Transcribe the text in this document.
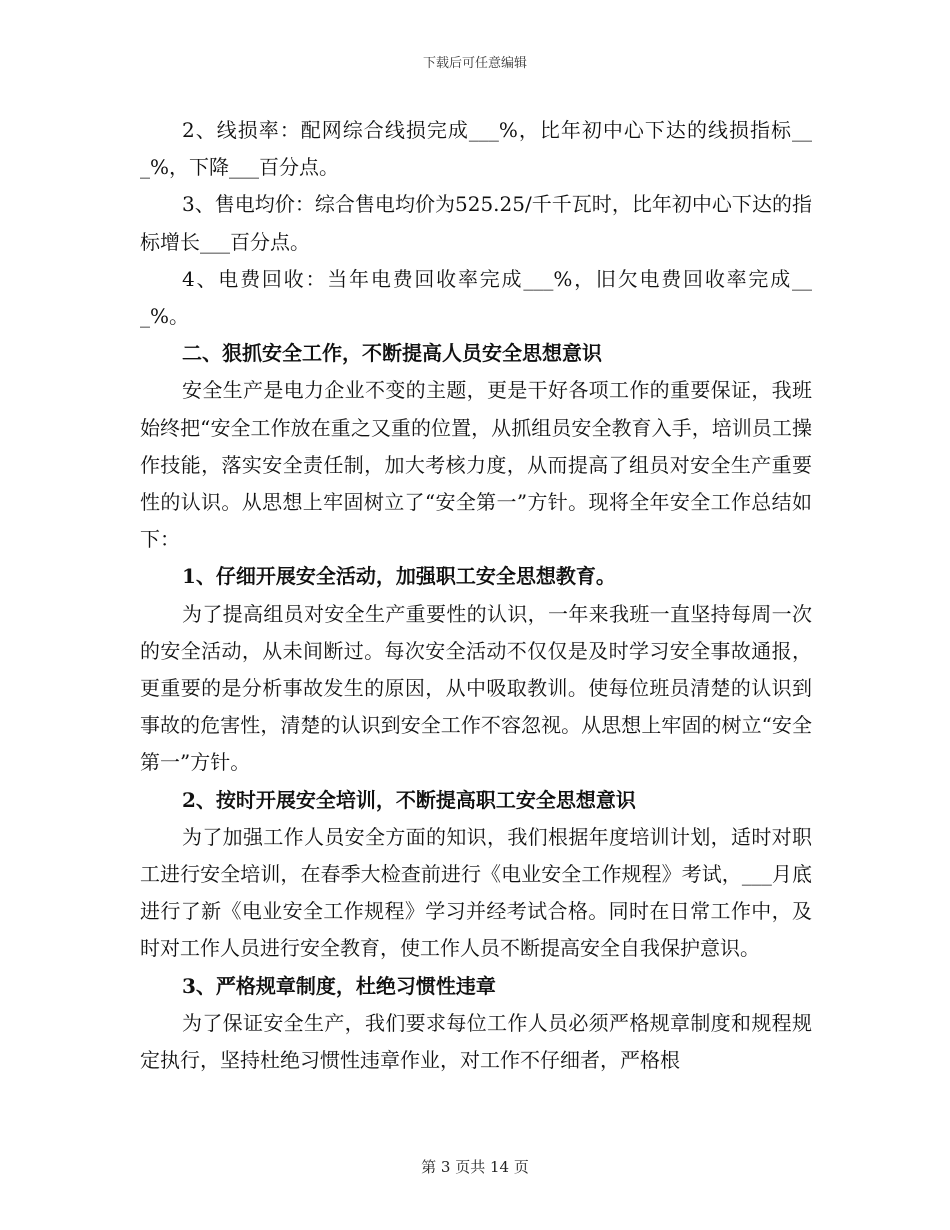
下载后可任意编辑

2、线损率：配网综合线损完成___%，比年初中心下达的线损指标___%，下降___百分点。

3、售电均价：综合售电均价为525.25/千千瓦时，比年初中心下达的指标增长___百分点。

4、电费回收：当年电费回收率完成___%，旧欠电费回收率完成___%。

二、狠抓安全工作，不断提高人员安全思想意识

安全生产是电力企业不变的主题，更是干好各项工作的重要保证，我班始终把“安全工作放在重之又重的位置，从抓组员安全教育入手，培训员工操作技能，落实安全责任制，加大考核力度，从而提高了组员对安全生产重要性的认识。从思想上牢固树立了“安全第一”方针。现将全年安全工作总结如下：

1、仔细开展安全活动，加强职工安全思想教育。

为了提高组员对安全生产重要性的认识，一年来我班一直坚持每周一次的安全活动，从未间断过。每次安全活动不仅仅是及时学习安全事故通报，更重要的是分析事故发生的原因，从中吸取教训。使每位班员清楚的认识到事故的危害性，清楚的认识到安全工作不容忽视。从思想上牢固的树立“安全第一”方针。

2、按时开展安全培训，不断提高职工安全思想意识

为了加强工作人员安全方面的知识，我们根据年度培训计划，适时对职工进行安全培训，在春季大检查前进行《电业安全工作规程》考试，___月底进行了新《电业安全工作规程》学习并经考试合格。同时在日常工作中，及时对工作人员进行安全教育，使工作人员不断提高安全自我保护意识。

3、严格规章制度，杜绝习惯性违章

为了保证安全生产，我们要求每位工作人员必须严格规章制度和规程规定执行，坚持杜绝习惯性违章作业，对工作不仔细者，严格根

第 3 页共 14 页
